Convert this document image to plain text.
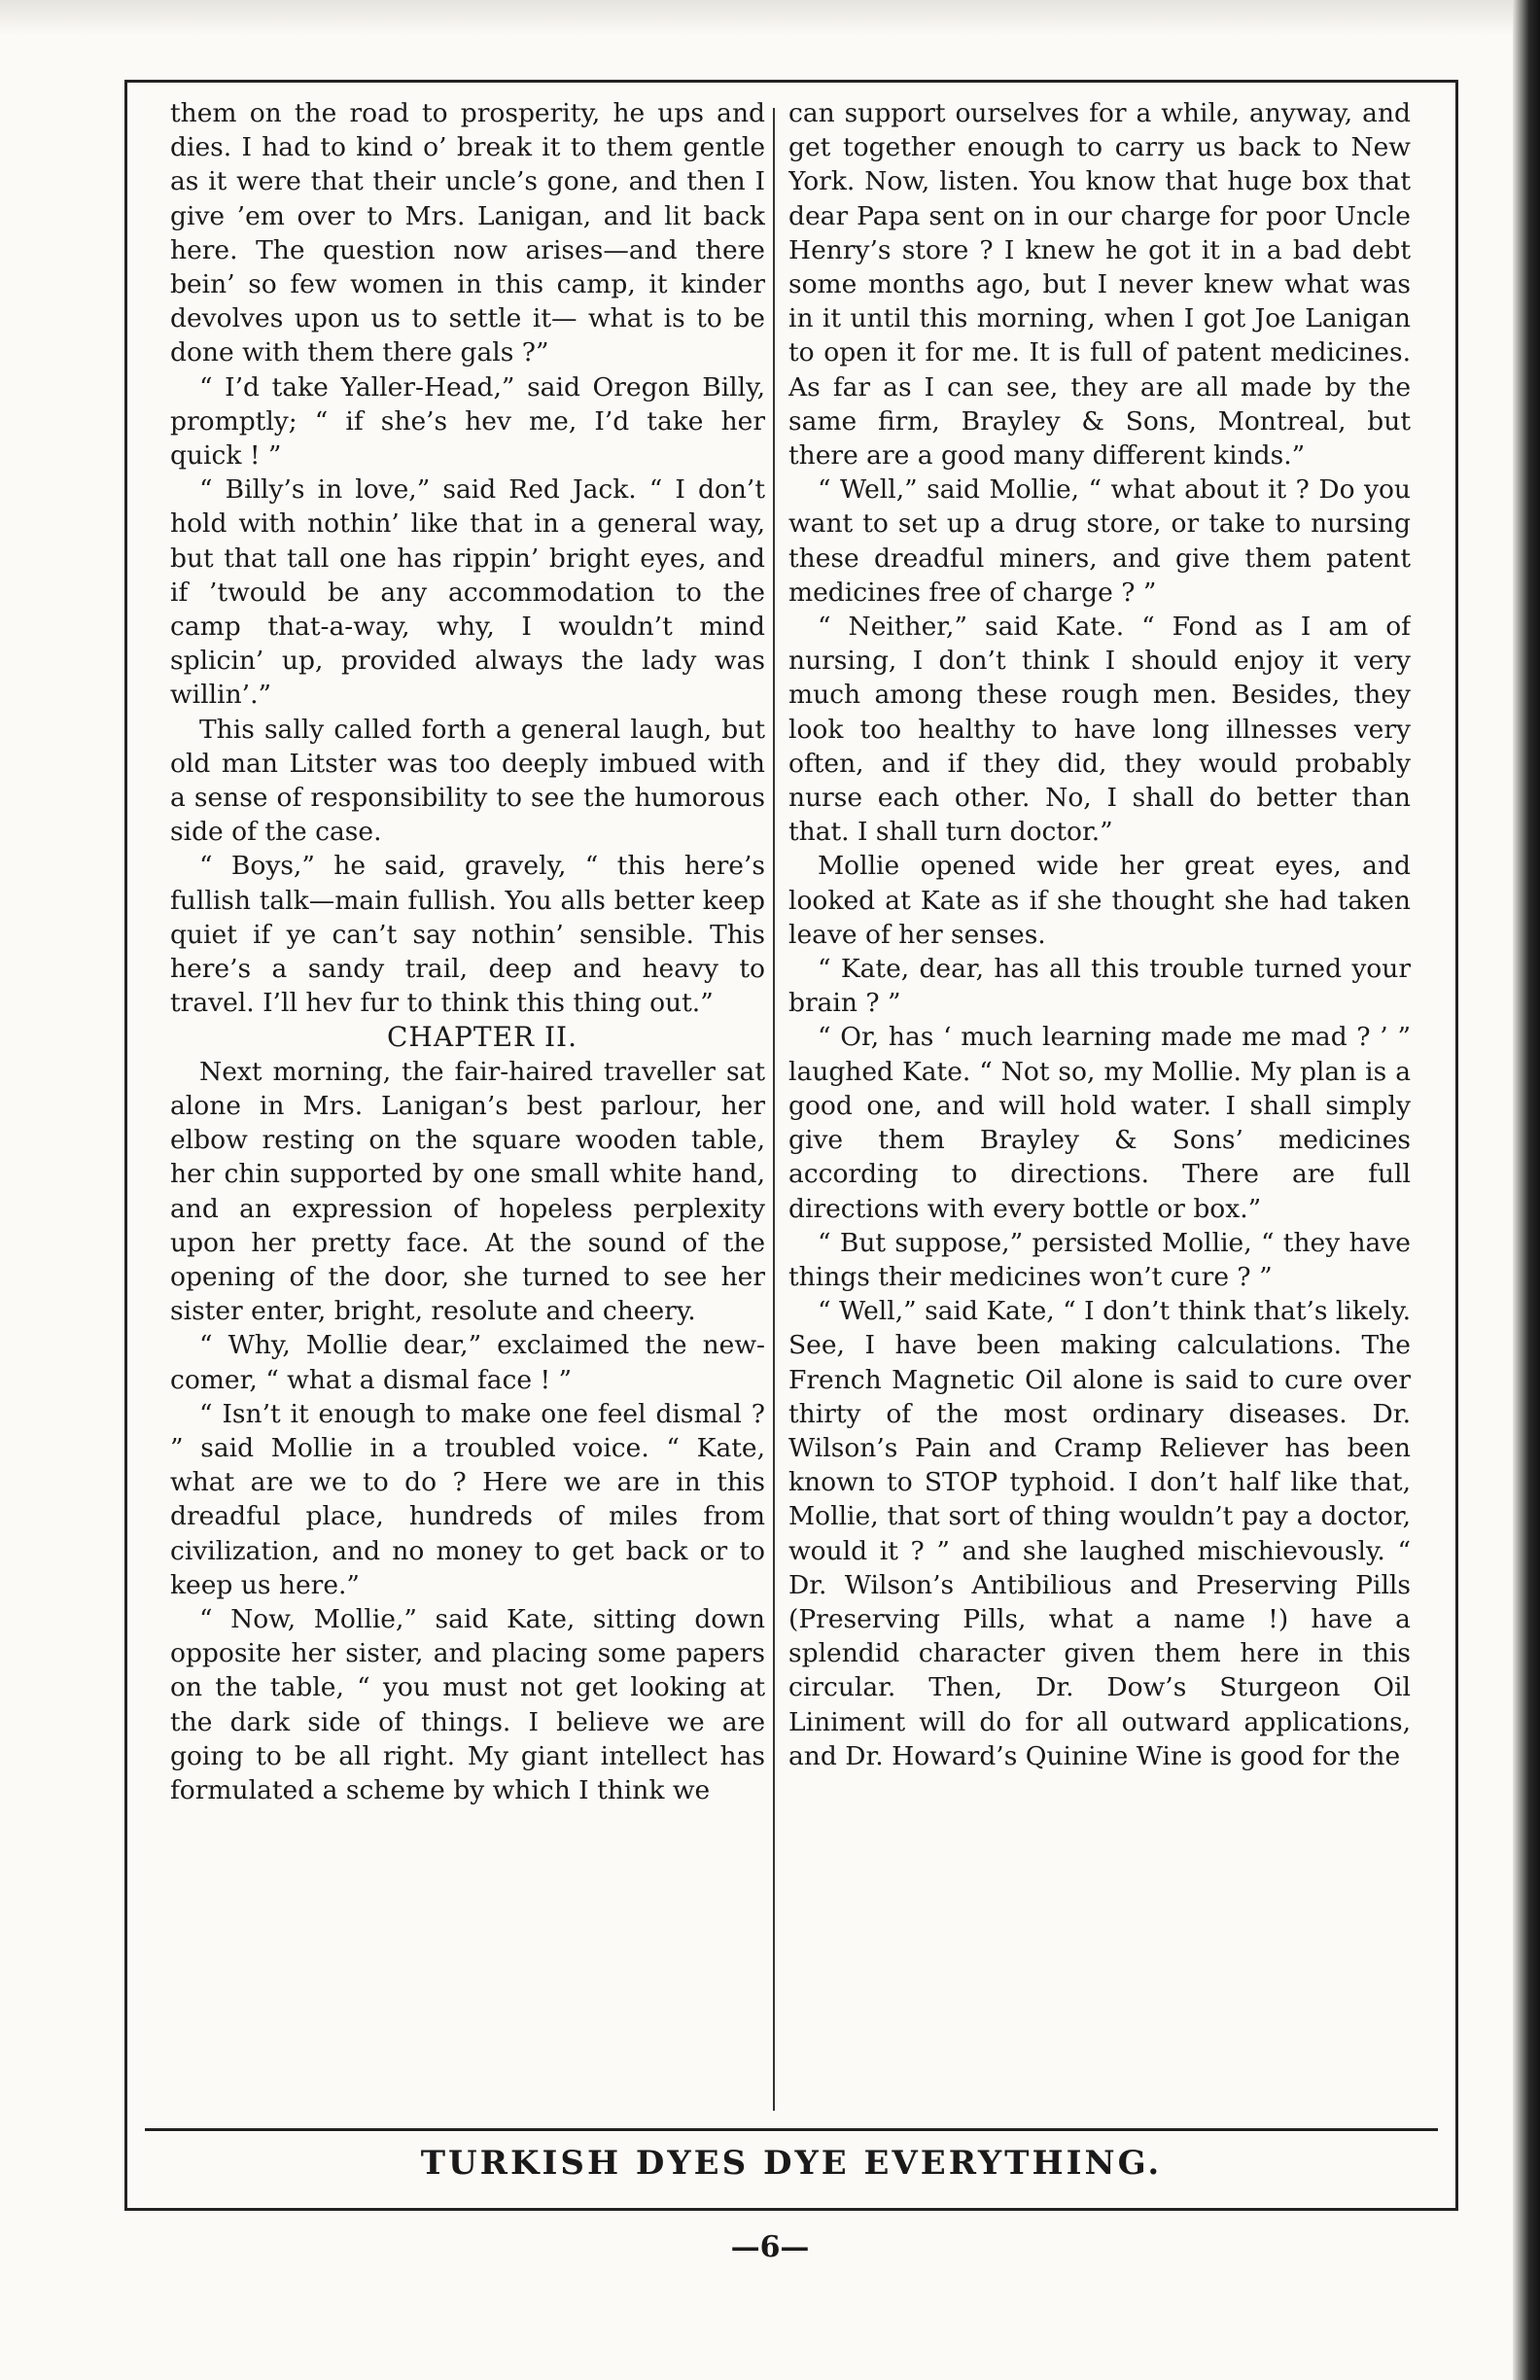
them on the road to prosperity, he ups and dies. I had to kind o’ break it to them gentle as it were that their uncle’s gone, and then I give ’em over to Mrs. Lanigan, and lit back here. The question now arises—and there bein’ so few women in this camp, it kinder devolves upon us to settle it— what is to be done with them there gals ?”

“ I’d take Yaller-Head,” said Oregon Billy, promptly; “ if she’s hev me, I’d take her quick ! ”

“ Billy’s in love,” said Red Jack. “ I don’t hold with nothin’ like that in a general way, but that tall one has rippin’ bright eyes, and if ’twould be any accommodation to the camp that-a-way, why, I wouldn’t mind splicin’ up, provided always the lady was willin’.”

This sally called forth a general laugh, but old man Litster was too deeply imbued with a sense of responsibility to see the humorous side of the case.

“ Boys,” he said, gravely, “ this here’s fullish talk—main fullish. You alls better keep quiet if ye can’t say nothin’ sensible. This here’s a sandy trail, deep and heavy to travel. I’ll hev fur to think this thing out.”

CHAPTER II.

Next morning, the fair-haired traveller sat alone in Mrs. Lanigan’s best parlour, her elbow resting on the square wooden table, her chin supported by one small white hand, and an expression of hopeless perplexity upon her pretty face. At the sound of the opening of the door, she turned to see her sister enter, bright, resolute and cheery.

“ Why, Mollie dear,” exclaimed the new-comer, “ what a dismal face ! ”

“ Isn’t it enough to make one feel dismal ? ” said Mollie in a troubled voice. “ Kate, what are we to do ? Here we are in this dreadful place, hundreds of miles from civilization, and no money to get back or to keep us here.”

“ Now, Mollie,” said Kate, sitting down opposite her sister, and placing some papers on the table, “ you must not get looking at the dark side of things. I believe we are going to be all right. My giant intellect has formulated a scheme by which I think we

can support ourselves for a while, anyway, and get together enough to carry us back to New York. Now, listen. You know that huge box that dear Papa sent on in our charge for poor Uncle Henry’s store ? I knew he got it in a bad debt some months ago, but I never knew what was in it until this morning, when I got Joe Lanigan to open it for me. It is full of patent medicines. As far as I can see, they are all made by the same firm, Brayley & Sons, Montreal, but there are a good many different kinds.”

“ Well,” said Mollie, “ what about it ? Do you want to set up a drug store, or take to nursing these dreadful miners, and give them patent medicines free of charge ? ”

“ Neither,” said Kate. “ Fond as I am of nursing, I don’t think I should enjoy it very much among these rough men. Besides, they look too healthy to have long illnesses very often, and if they did, they would probably nurse each other. No, I shall do better than that. I shall turn doctor.”

Mollie opened wide her great eyes, and looked at Kate as if she thought she had taken leave of her senses.

“ Kate, dear, has all this trouble turned your brain ? ”

“ Or, has ‘ much learning made me mad ? ’ ” laughed Kate. “ Not so, my Mollie. My plan is a good one, and will hold water. I shall simply give them Brayley & Sons’ medicines according to directions. There are full directions with every bottle or box.”

“ But suppose,” persisted Mollie, “ they have things their medicines won’t cure ? ”

“ Well,” said Kate, “ I don’t think that’s likely. See, I have been making calculations. The French Magnetic Oil alone is said to cure over thirty of the most ordinary diseases. Dr. Wilson’s Pain and Cramp Reliever has been known to STOP typhoid. I don’t half like that, Mollie, that sort of thing wouldn’t pay a doctor, would it ? ” and she laughed mischievously. “ Dr. Wilson’s Antibilious and Preserving Pills (Preserving Pills, what a name !) have a splendid character given them here in this circular. Then, Dr. Dow’s Sturgeon Oil Liniment will do for all outward applications, and Dr. Howard’s Quinine Wine is good for the

TURKISH DYES DYE EVERYTHING.
—6—
